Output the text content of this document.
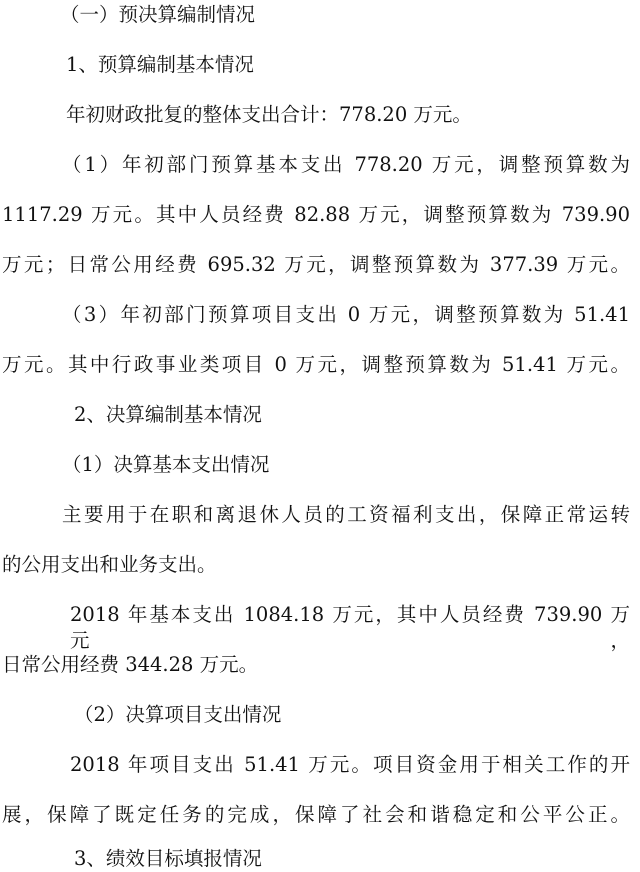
（一）预决算编制情况

1、预算编制基本情况

年初财政批复的整体支出合计：778.20 万元。

（1）年初部门预算基本支出 778.20 万元，调整预算数为

1117.29 万元。其中人员经费 82.88 万元，调整预算数为 739.90

万元；日常公用经费 695.32 万元，调整预算数为 377.39 万元。

（3）年初部门预算项目支出 0 万元，调整预算数为 51.41

万元。其中行政事业类项目 0 万元，调整预算数为 51.41 万元。

2、决算编制基本情况

（1）决算基本支出情况

主要用于在职和离退休人员的工资福利支出，保障正常运转

的公用支出和业务支出。

2018 年基本支出 1084.18 万元，其中人员经费 739.90 万元，

日常公用经费 344.28 万元。

（2）决算项目支出情况

2018 年项目支出 51.41 万元。项目资金用于相关工作的开

展，保障了既定任务的完成，保障了社会和谐稳定和公平公正。

3、绩效目标填报情况
